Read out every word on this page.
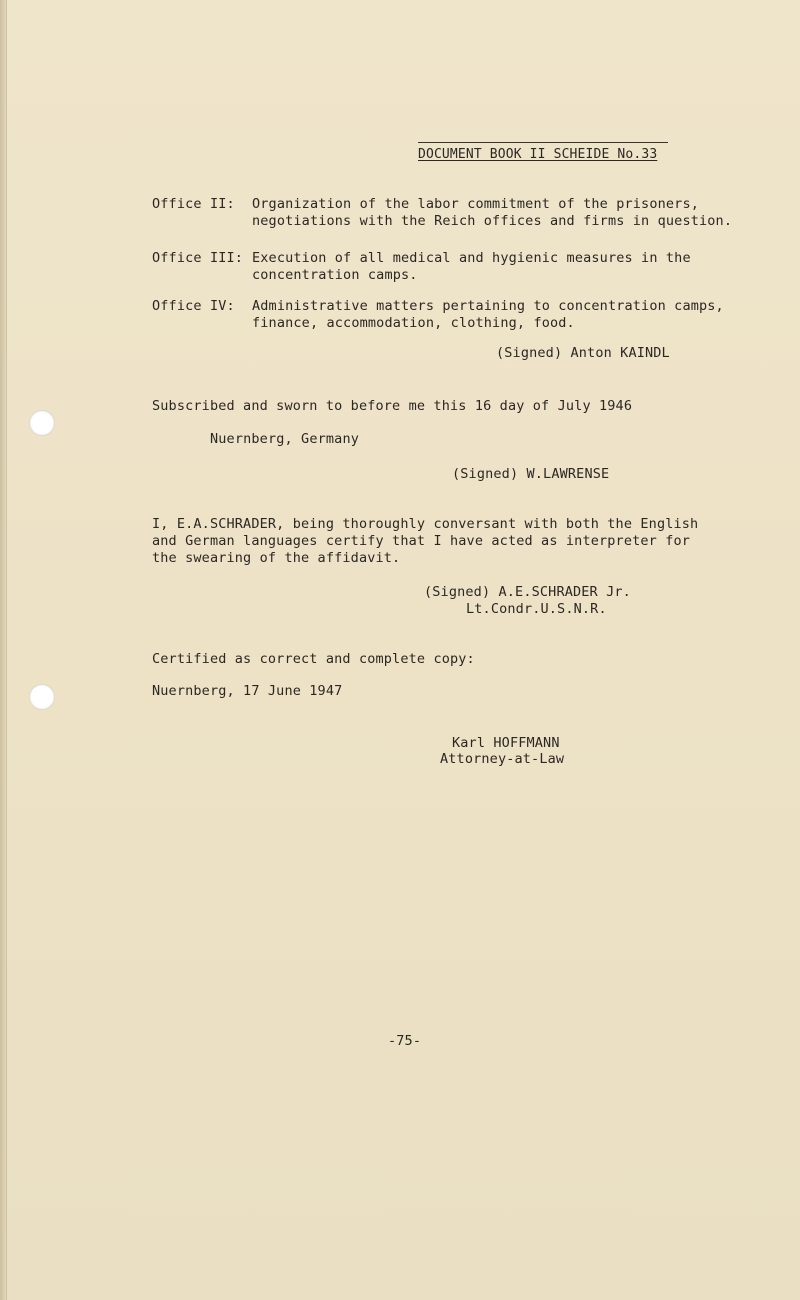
DOCUMENT BOOK II SCHEIDE No.33
Office II: Organization of the labor commitment of the prisoners,
negotiations with the Reich offices and firms in question.
Office III: Execution of all medical and hygienic measures in the
concentration camps.
Office IV: Administrative matters pertaining to concentration camps,
finance, accommodation, clothing, food.
(Signed) Anton KAINDL
Subscribed and sworn to before me this 16 day of July 1946
Nuernberg, Germany
(Signed) W.LAWRENSE
I, E.A.SCHRADER, being thoroughly conversant with both the English
and German languages certify that I have acted as interpreter for
the swearing of the affidavit.
(Signed) A.E.SCHRADER Jr.
Lt.Condr.U.S.N.R.
Certified as correct and complete copy:
Nuernberg, 17 June 1947
Karl HOFFMANN
Attorney-at-Law
-75-
